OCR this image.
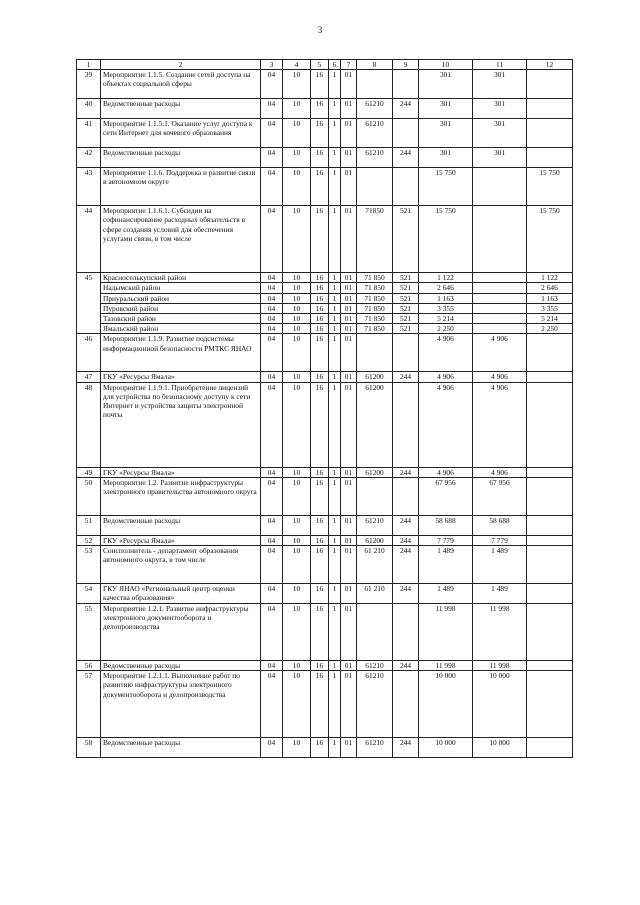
3
1	2	3	4	5	6	7	8	9	10	11	12
39	Мероприятие 1.1.5. Создание сетей доступа на объектах социальной сферы	04	10	16	1	01			301	301	
40	Ведомственные расходы	04	10	16	1	01	61210	244	301	301	
41	Мероприятие 1.1.5.1. Оказание услуг доступа к сети Интернет для кочевого образования	04	10	16	1	01	61210		301	301	
42	Ведомственные расходы	04	10	16	1	01	61210	244	301	301	
43	Мероприятие 1.1.6. Поддержка и развитие связи в автономном округе	04	10	16	1	01			15 750		15 750
44	Мероприятие 1.1.6.1. Субсидии на софинансирование расходных обязательств в сфере создания условий для обеспечения услугами связи, в том числе	04	10	16	1	01	71850	521	15 750		15 750
45	Красноселькупский район	04	10	16	1	01	71 850	521	1 122		1 122
	Надымский район	04	10	16	1	01	71 850	521	2 646		2 646
	Приуральский район	04	10	16	1	01	71 850	521	1 163		1 163
	Пуровский район	04	10	16	1	01	71 850	521	3 355		3 355
	Тазовский район	04	10	16	1	01	71 850	521	5 214		5 214
	Ямальский район	04	10	16	1	01	71 850	521	2 250		2 250
46	Мероприятие 1.1.9. Развитие подсистемы информационной безопасности РМТКС ЯНАО	04	10	16	1	01			4 906	4 906	
47	ГКУ «Ресурсы Ямала»	04	10	16	1	01	61200	244	4 906	4 906	
48	Мероприятие 1.1.9.1. Приобретение лицензий для устройства по безопасному доступу к сети Интернет и устройства защиты электронной почты	04	10	16	1	01	61200		4 906	4 906	
49	ГКУ «Ресурсы Ямала»	04	10	16	1	01	61200	244	4 906	4 906	
50	Мероприятие 1.2. Развитие инфраструктуры электронного правительства автономного округа	04	10	16	1	01			67 956	67 956	
51	Ведомственные расходы	04	10	16	1	01	61210	244	58 688	58 688	
52	ГКУ «Ресурсы Ямала»	04	10	16	1	01	61200	244	7 779	7 779	
53	Соисполнитель - департамент образования автономного округа, в том числе	04	10	16	1	01	61 210	244	1 489	1 489	
54	ГКУ ЯНАО «Региональный центр оценки качества образования»	04	10	16	1	01	61 210	244	1 489	1 489	
55	Мероприятие 1.2.1. Развитие инфраструктуры электронного документооборота и делопроизводства	04	10	16	1	01			11 998	11 998	
56	Ведомственные расходы	04	10	16	1	01	61210	244	11 998	11 998	
57	Мероприятие 1.2.1.1. Выполнение работ по развитию инфраструктуры электронного документооборота и делопроизводства	04	10	16	1	01	61210		10 000	10 000	
58	Ведомственные расходы	04	10	16	1	01	61210	244	10 000	10 000	
